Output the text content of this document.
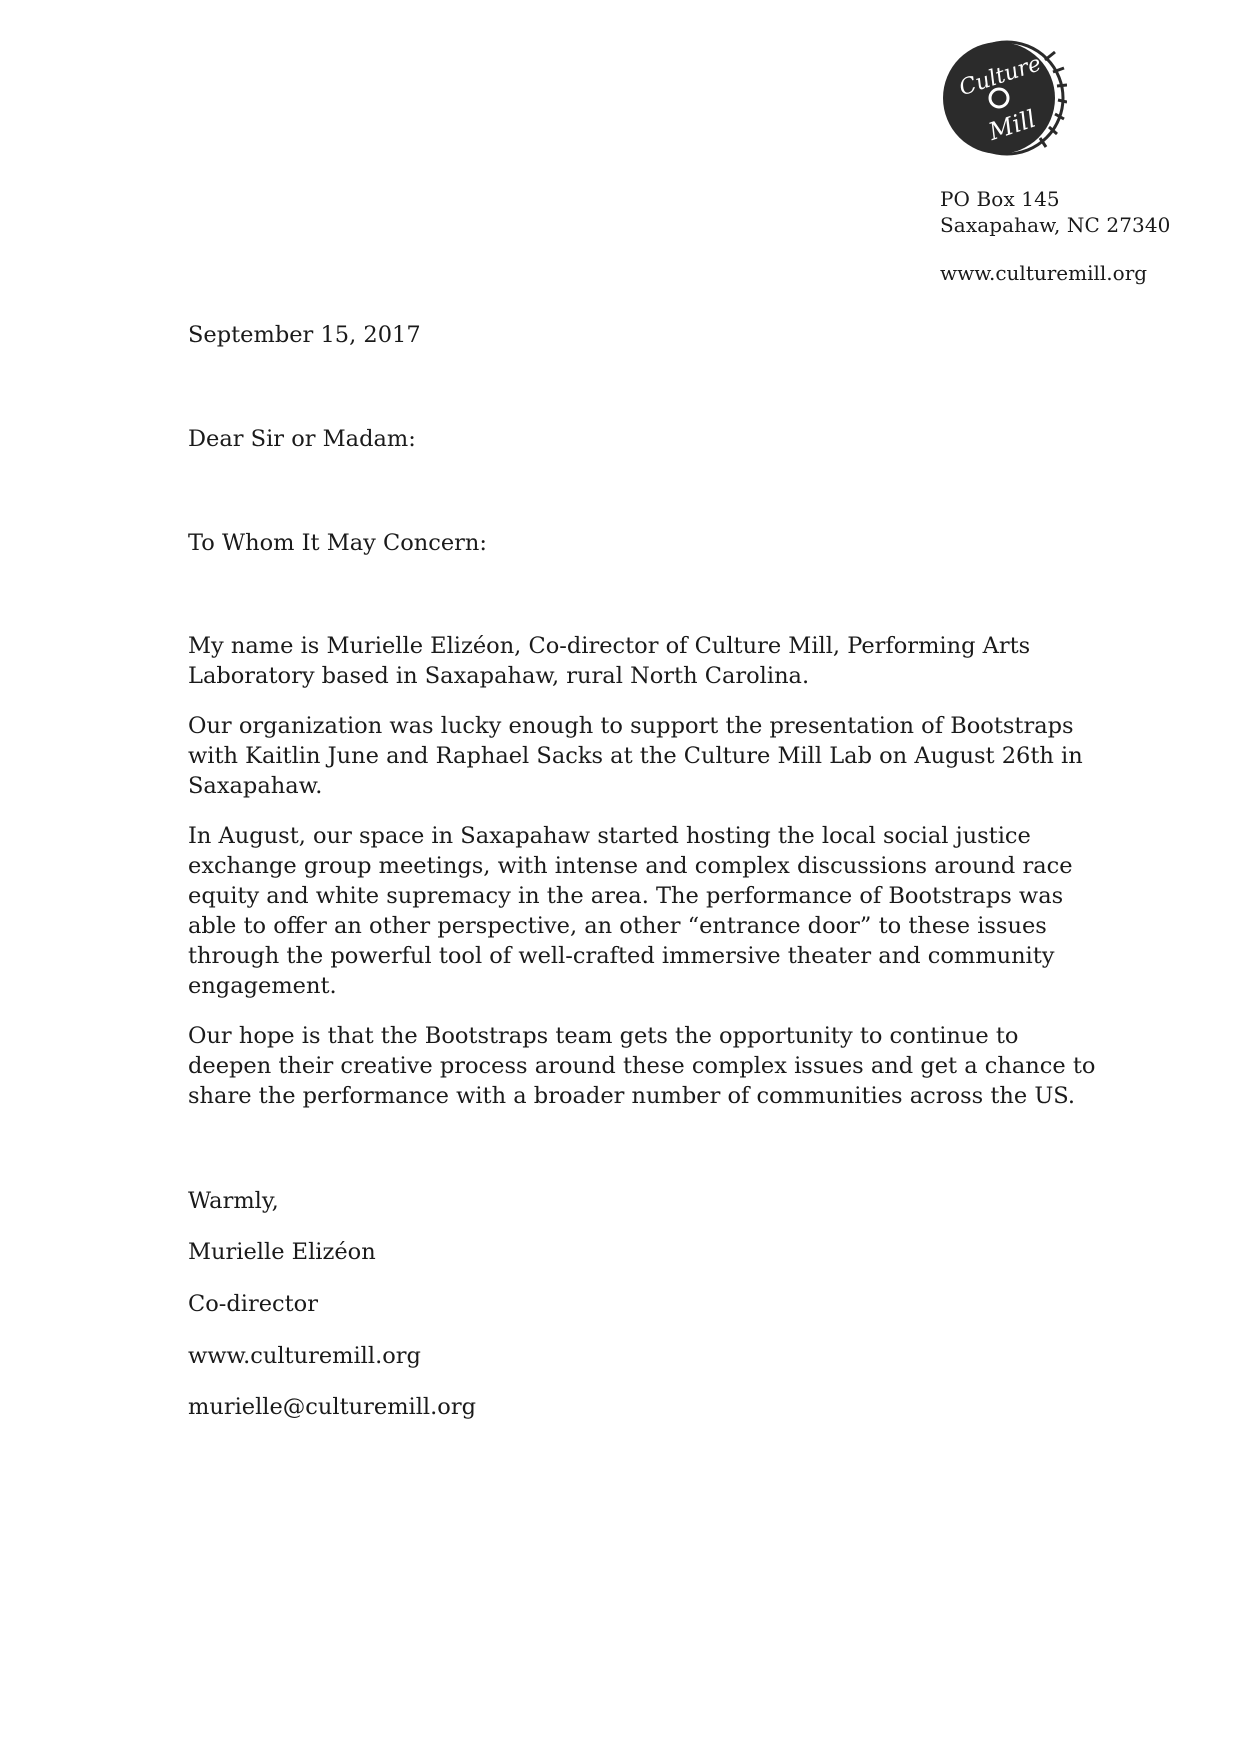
Culture
Mill
PO Box 145
Saxapahaw, NC 27340
www.culturemill.org
September 15, 2017
Dear Sir or Madam:
To Whom It May Concern:
My name is Murielle Elizéon, Co-director of Culture Mill, Performing Arts
Laboratory based in Saxapahaw, rural North Carolina.
Our organization was lucky enough to support the presentation of Bootstraps
with Kaitlin June and Raphael Sacks at the Culture Mill Lab on August 26th in
Saxapahaw.
In August, our space in Saxapahaw started hosting the local social justice
exchange group meetings, with intense and complex discussions around race
equity and white supremacy in the area. The performance of Bootstraps was
able to offer an other perspective, an other “entrance door” to these issues
through the powerful tool of well-crafted immersive theater and community
engagement.
Our hope is that the Bootstraps team gets the opportunity to continue to
deepen their creative process around these complex issues and get a chance to
share the performance with a broader number of communities across the US.
Warmly,
Murielle Elizéon
Co-director
www.culturemill.org
murielle@culturemill.org
